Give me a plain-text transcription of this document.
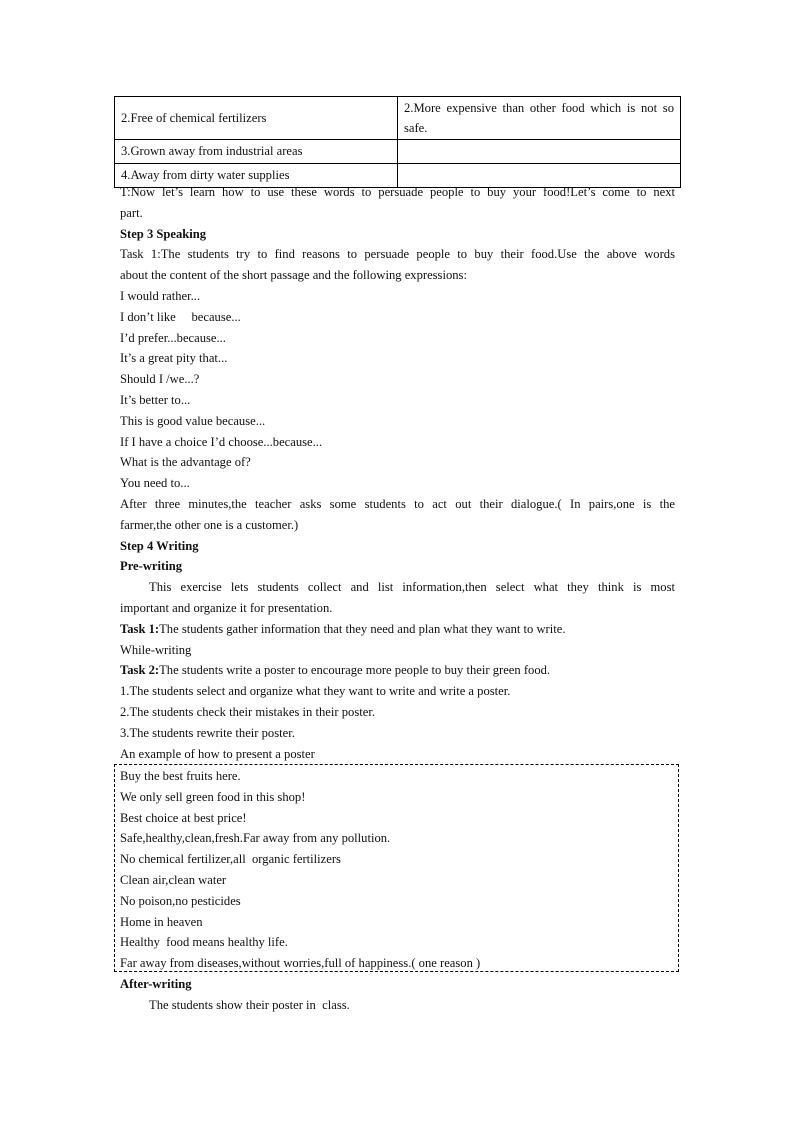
2.Free of chemical fertilizers	2.More expensive than other food which is not so safe.

3.Grown away from industrial areas	
4.Away from dirty water supplies	
T:Now let’s learn how to use these words to persuade people to buy your food!Let’s come to next
part.
Step 3 Speaking
Task 1:The students try to find reasons to persuade people to buy their food.Use the above words
about the content of the short passage and the following expressions:
I would rather...
I don’t like     because...
I’d prefer...because...
It’s a great pity that...
Should I /we...?
It’s better to...
This is good value because...
If I have a choice I’d choose...because...
What is the advantage of?
You need to...
After three minutes,the teacher asks some students to act out their dialogue.( In pairs,one is the
farmer,the other one is a customer.)
Step 4 Writing
Pre-writing
This exercise lets students collect and list information,then select what they think is most
important and organize it for presentation.
Task 1:The students gather information that they need and plan what they want to write.
While-writing
Task 2:The students write a poster to encourage more people to buy their green food.
1.The students select and organize what they want to write and write a poster.
2.The students check their mistakes in their poster.
3.The students rewrite their poster.
An example of how to present a poster
Buy the best fruits here.
We only sell green food in this shop!
Best choice at best price!
Safe,healthy,clean,fresh.Far away from any pollution.
No chemical fertilizer,all  organic fertilizers
Clean air,clean water
No poison,no pesticides
Home in heaven
Healthy  food means healthy life.
Far away from diseases,without worries,full of happiness.( one reason )
After-writing
The students show their poster in  class.
